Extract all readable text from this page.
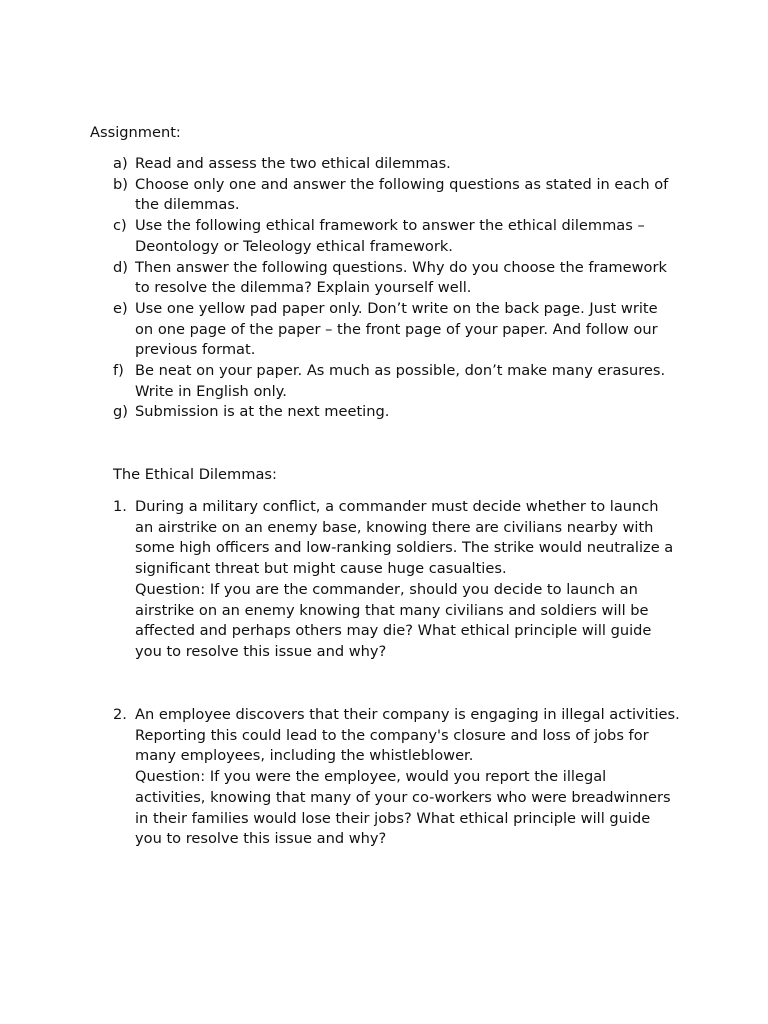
Assignment:

a) Read and assess the two ethical dilemmas.
b) Choose only one and answer the following questions as stated in each of the dilemmas.
c) Use the following ethical framework to answer the ethical dilemmas – Deontology or Teleology ethical framework.
d) Then answer the following questions. Why do you choose the framework to resolve the dilemma? Explain yourself well.
e) Use one yellow pad paper only. Don’t write on the back page. Just write on one page of the paper – the front page of your paper. And follow our previous format.
f) Be neat on your paper. As much as possible, don’t make many erasures. Write in English only.
g) Submission is at the next meeting.

The Ethical Dilemmas:

1. During a military conflict, a commander must decide whether to launch an airstrike on an enemy base, knowing there are civilians nearby with some high officers and low-ranking soldiers. The strike would neutralize a significant threat but might cause huge casualties.

Question: If you are the commander, should you decide to launch an airstrike on an enemy knowing that many civilians and soldiers will be affected and perhaps others may die? What ethical principle will guide you to resolve this issue and why?

2. An employee discovers that their company is engaging in illegal activities. Reporting this could lead to the company's closure and loss of jobs for many employees, including the whistleblower.

Question: If you were the employee, would you report the illegal activities, knowing that many of your co-workers who were breadwinners in their families would lose their jobs? What ethical principle will guide you to resolve this issue and why?
